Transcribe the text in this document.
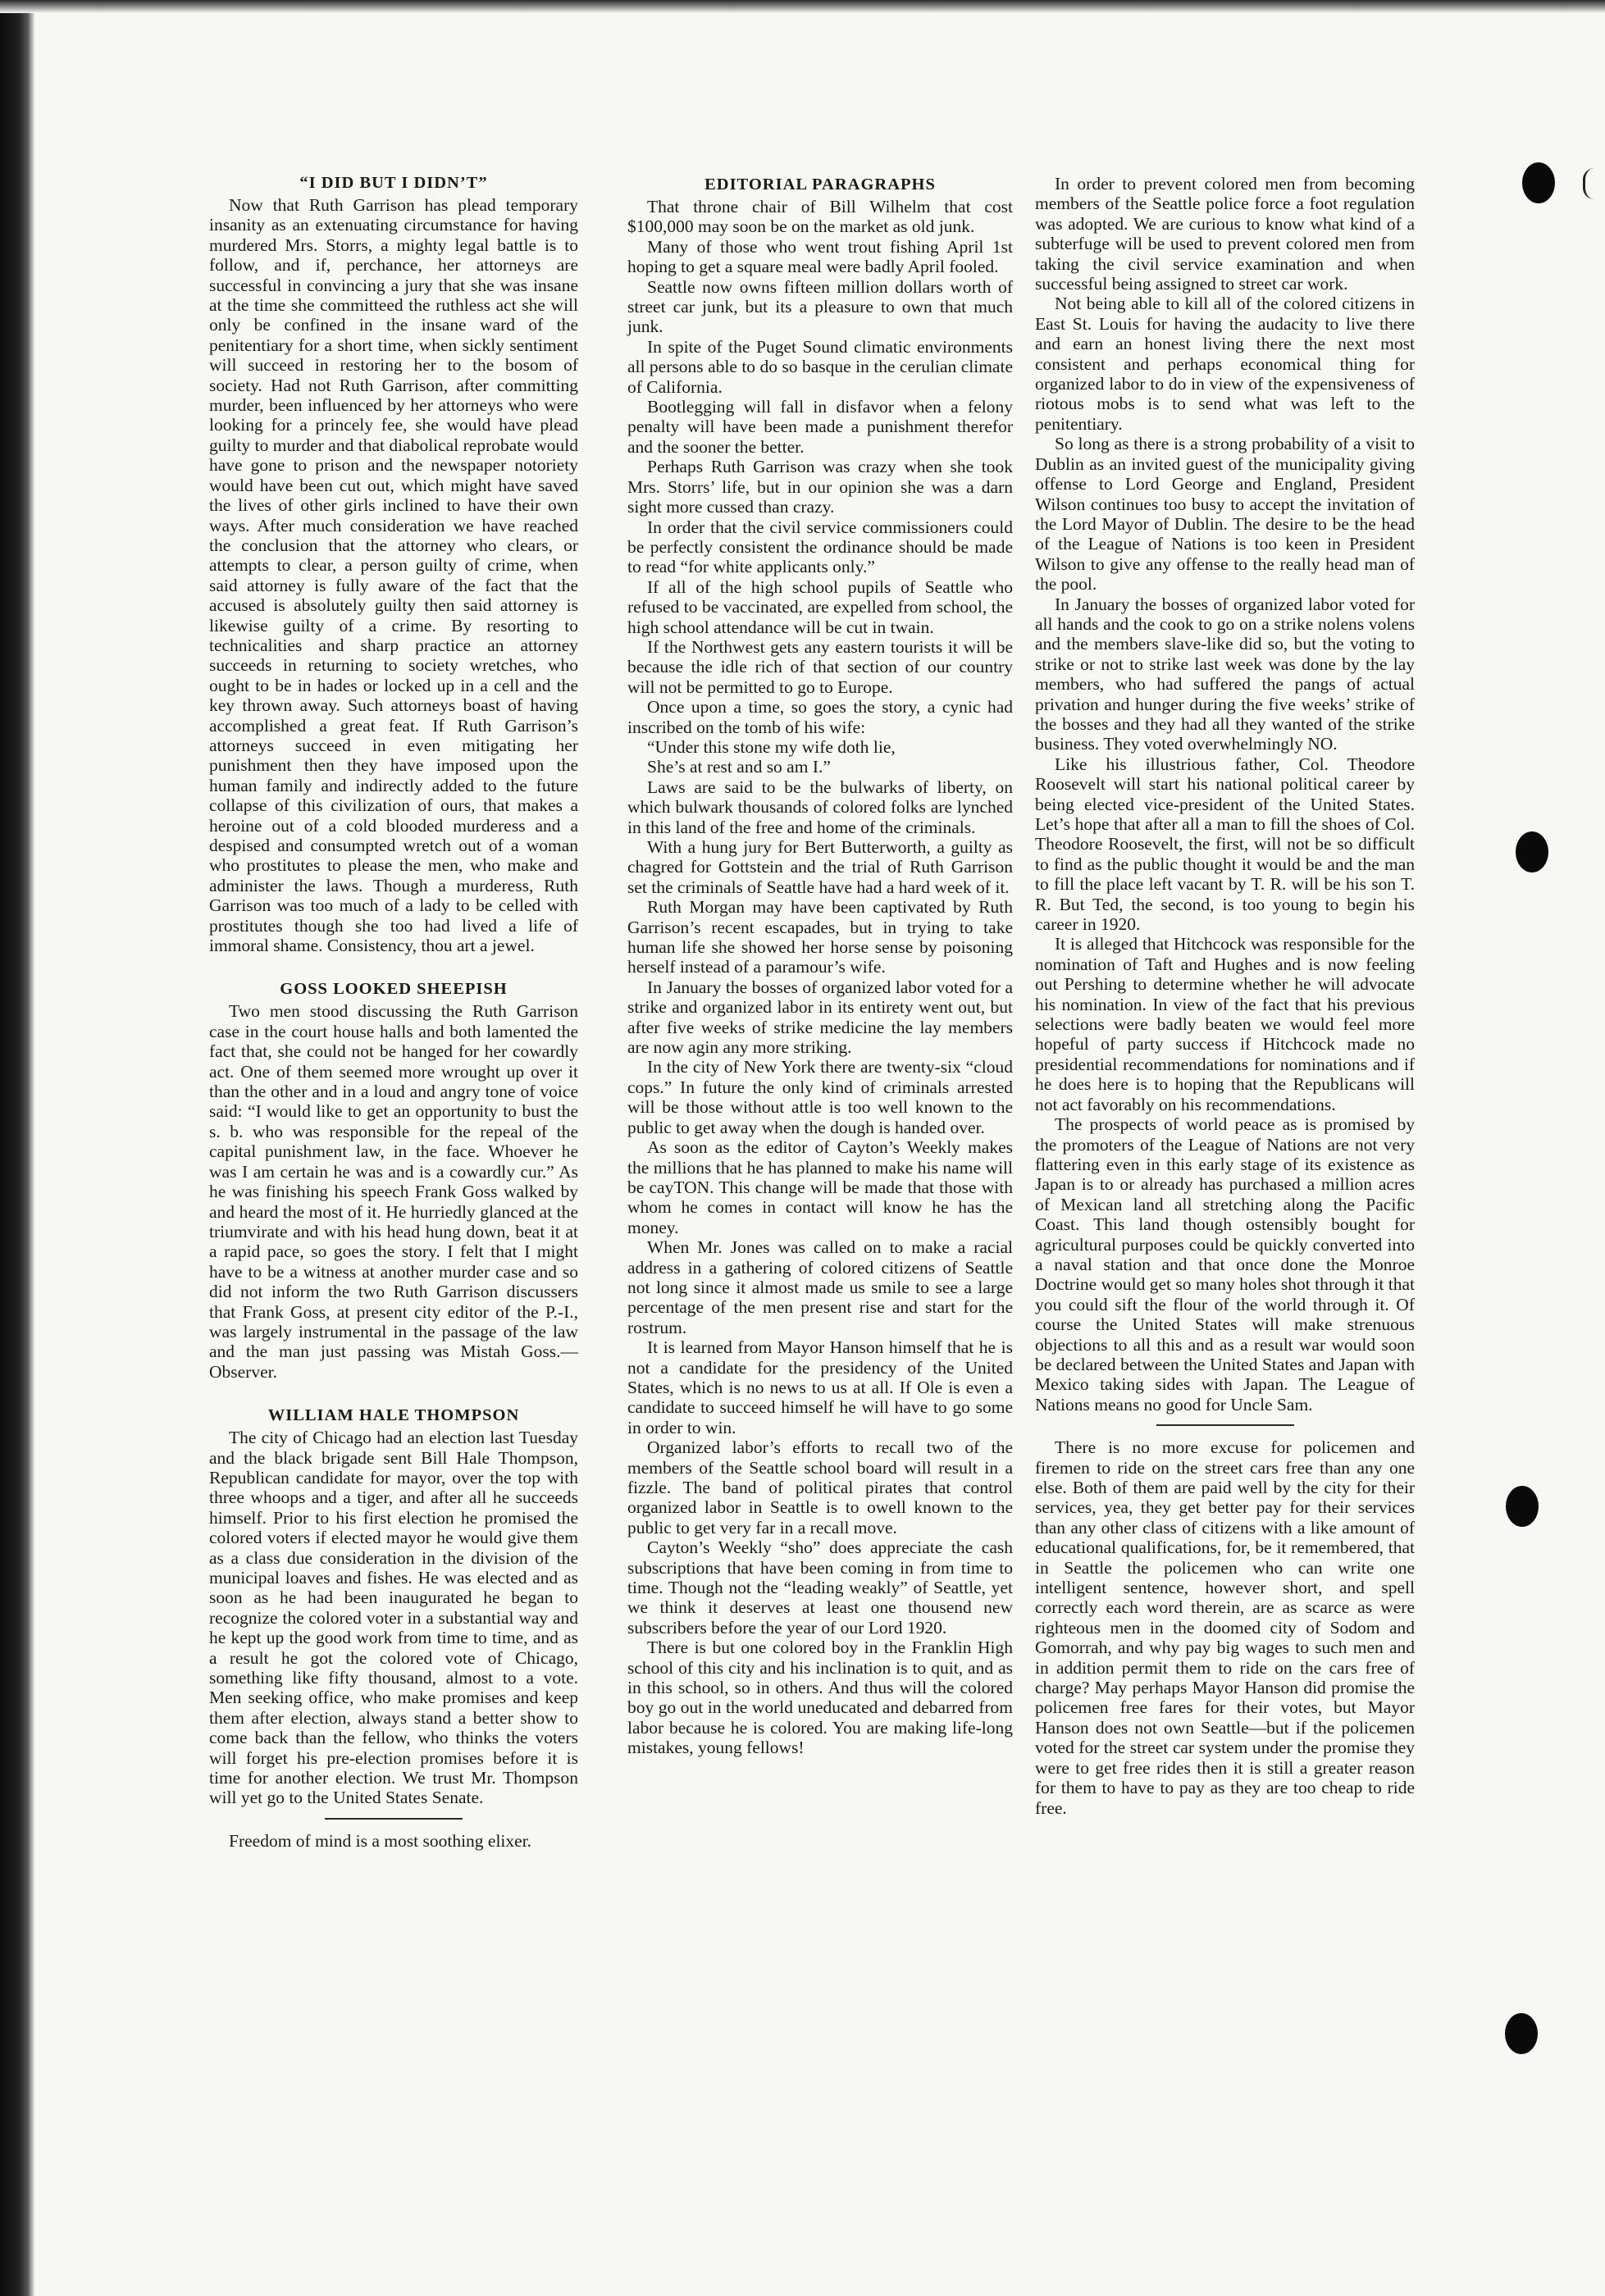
“I DID BUT I DIDN’T”

Now that Ruth Garrison has plead temporary insanity as an extenuating circumstance for having murdered Mrs. Storrs, a mighty legal battle is to follow, and if, perchance, her attorneys are successful in convincing a jury that she was insane at the time she committeed the ruthless act she will only be confined in the insane ward of the penitentiary for a short time, when sickly sentiment will succeed in restoring her to the bosom of society. Had not Ruth Garrison, after committing murder, been influenced by her attorneys who were looking for a princely fee, she would have plead guilty to murder and that diabolical reprobate would have gone to prison and the newspaper notoriety would have been cut out, which might have saved the lives of other girls inclined to have their own ways. After much consideration we have reached the conclusion that the attorney who clears, or attempts to clear, a person guilty of crime, when said attorney is fully aware of the fact that the accused is absolutely guilty then said attorney is likewise guilty of a crime. By resorting to technicalities and sharp practice an attorney succeeds in returning to society wretches, who ought to be in hades or locked up in a cell and the key thrown away. Such attorneys boast of having accomplished a great feat. If Ruth Garrison’s attorneys succeed in even mitigating her punishment then they have imposed upon the human family and indirectly added to the future collapse of this civilization of ours, that makes a heroine out of a cold blooded murderess and a despised and consumpted wretch out of a woman who prostitutes to please the men, who make and administer the laws. Though a murderess, Ruth Garrison was too much of a lady to be celled with prostitutes though she too had lived a life of immoral shame. Consistency, thou art a jewel.

GOSS LOOKED SHEEPISH

Two men stood discussing the Ruth Garrison case in the court house halls and both lamented the fact that, she could not be hanged for her cowardly act. One of them seemed more wrought up over it than the other and in a loud and angry tone of voice said: “I would like to get an opportunity to bust the s. b. who was responsible for the repeal of the capital punishment law, in the face. Whoever he was I am certain he was and is a cowardly cur.” As he was finishing his speech Frank Goss walked by and heard the most of it. He hurriedly glanced at the triumvirate and with his head hung down, beat it at a rapid pace, so goes the story. I felt that I might have to be a witness at another murder case and so did not inform the two Ruth Garrison discussers that Frank Goss, at present city editor of the P.-I., was largely instrumental in the passage of the law and the man just passing was Mistah Goss.—Observer.

WILLIAM HALE THOMPSON

The city of Chicago had an election last Tuesday and the black brigade sent Bill Hale Thompson, Republican candidate for mayor, over the top with three whoops and a tiger, and after all he succeeds himself. Prior to his first election he promised the colored voters if elected mayor he would give them as a class due consideration in the division of the municipal loaves and fishes. He was elected and as soon as he had been inaugurated he began to recognize the colored voter in a substantial way and he kept up the good work from time to time, and as a result he got the colored vote of Chicago, something like fifty thousand, almost to a vote. Men seeking office, who make promises and keep them after election, always stand a better show to come back than the fellow, who thinks the voters will forget his pre-election promises before it is time for another election. We trust Mr. Thompson will yet go to the United States Senate.

Freedom of mind is a most soothing elixer.

EDITORIAL PARAGRAPHS

That throne chair of Bill Wilhelm that cost $100,000 may soon be on the market as old junk.

Many of those who went trout fishing April 1st hoping to get a square meal were badly April fooled.

Seattle now owns fifteen million dollars worth of street car junk, but its a pleasure to own that much junk.

In spite of the Puget Sound climatic environments all persons able to do so basque in the cerulian climate of California.

Bootlegging will fall in disfavor when a felony penalty will have been made a punishment therefor and the sooner the better.

Perhaps Ruth Garrison was crazy when she took Mrs. Storrs’ life, but in our opinion she was a darn sight more cussed than crazy.

In order that the civil service commissioners could be perfectly consistent the ordinance should be made to read “for white applicants only.”

If all of the high school pupils of Seattle who refused to be vaccinated, are expelled from school, the high school attendance will be cut in twain.

If the Northwest gets any eastern tourists it will be because the idle rich of that section of our country will not be permitted to go to Europe.

Once upon a time, so goes the story, a cynic had inscribed on the tomb of his wife:

“Under this stone my wife doth lie,

She’s at rest and so am I.”

Laws are said to be the bulwarks of liberty, on which bulwark thousands of colored folks are lynched in this land of the free and home of the criminals.

With a hung jury for Bert Butterworth, a guilty as chagred for Gottstein and the trial of Ruth Garrison set the criminals of Seattle have had a hard week of it.

Ruth Morgan may have been captivated by Ruth Garrison’s recent escapades, but in trying to take human life she showed her horse sense by poisoning herself instead of a paramour’s wife.

In January the bosses of organized labor voted for a strike and organized labor in its entirety went out, but after five weeks of strike medicine the lay members are now agin any more striking.

In the city of New York there are twenty-six “cloud cops.” In future the only kind of criminals arrested will be those without attle is too well known to the public to get away when the dough is handed over.

As soon as the editor of Cayton’s Weekly makes the millions that he has planned to make his name will be cayTON. This change will be made that those with whom he comes in contact will know he has the money.

When Mr. Jones was called on to make a racial address in a gathering of colored citizens of Seattle not long since it almost made us smile to see a large percentage of the men present rise and start for the rostrum.

It is learned from Mayor Hanson himself that he is not a candidate for the presidency of the United States, which is no news to us at all. If Ole is even a candidate to succeed himself he will have to go some in order to win.

Organized labor’s efforts to recall two of the members of the Seattle school board will result in a fizzle. The band of political pirates that control organized labor in Seattle is to owell known to the public to get very far in a recall move.

Cayton’s Weekly “sho” does appreciate the cash subscriptions that have been coming in from time to time. Though not the “leading weakly” of Seattle, yet we think it deserves at least one thousend new subscribers before the year of our Lord 1920.

There is but one colored boy in the Franklin High school of this city and his inclination is to quit, and as in this school, so in others. And thus will the colored boy go out in the world uneducated and debarred from labor because he is colored. You are making life-long mistakes, young fellows!

In order to prevent colored men from becoming members of the Seattle police force a foot regulation was adopted. We are curious to know what kind of a subterfuge will be used to prevent colored men from taking the civil service examination and when successful being assigned to street car work.

Not being able to kill all of the colored citizens in East St. Louis for having the audacity to live there and earn an honest living there the next most consistent and perhaps economical thing for organized labor to do in view of the expensiveness of riotous mobs is to send what was left to the penitentiary.

So long as there is a strong probability of a visit to Dublin as an invited guest of the municipality giving offense to Lord George and England, President Wilson continues too busy to accept the invitation of the Lord Mayor of Dublin. The desire to be the head of the League of Nations is too keen in President Wilson to give any offense to the really head man of the pool.

In January the bosses of organized labor voted for all hands and the cook to go on a strike nolens volens and the members slave-like did so, but the voting to strike or not to strike last week was done by the lay members, who had suffered the pangs of actual privation and hunger during the five weeks’ strike of the bosses and they had all they wanted of the strike business. They voted overwhelmingly NO.

Like his illustrious father, Col. Theodore Roosevelt will start his national political career by being elected vice-president of the United States. Let’s hope that after all a man to fill the shoes of Col. Theodore Roosevelt, the first, will not be so difficult to find as the public thought it would be and the man to fill the place left vacant by T. R. will be his son T. R. But Ted, the second, is too young to begin his career in 1920.

It is alleged that Hitchcock was responsible for the nomination of Taft and Hughes and is now feeling out Pershing to determine whether he will advocate his nomination. In view of the fact that his previous selections were badly beaten we would feel more hopeful of party success if Hitchcock made no presidential recommendations for nominations and if he does here is to hoping that the Republicans will not act favorably on his recommendations.

The prospects of world peace as is promised by the promoters of the League of Nations are not very flattering even in this early stage of its existence as Japan is to or already has purchased a million acres of Mexican land all stretching along the Pacific Coast. This land though ostensibly bought for agricultural purposes could be quickly converted into a naval station and that once done the Monroe Doctrine would get so many holes shot through it that you could sift the flour of the world through it. Of course the United States will make strenuous objections to all this and as a result war would soon be declared between the United States and Japan with Mexico taking sides with Japan. The League of Nations means no good for Uncle Sam.

There is no more excuse for policemen and firemen to ride on the street cars free than any one else. Both of them are paid well by the city for their services, yea, they get better pay for their services than any other class of citizens with a like amount of educational qualifications, for, be it remembered, that in Seattle the policemen who can write one intelligent sentence, however short, and spell correctly each word therein, are as scarce as were righteous men in the doomed city of Sodom and Gomorrah, and why pay big wages to such men and in addition permit them to ride on the cars free of charge? May perhaps Mayor Hanson did promise the policemen free fares for their votes, but Mayor Hanson does not own Seattle—but if the policemen voted for the street car system under the promise they were to get free rides then it is still a greater reason for them to have to pay as they are too cheap to ride free.
